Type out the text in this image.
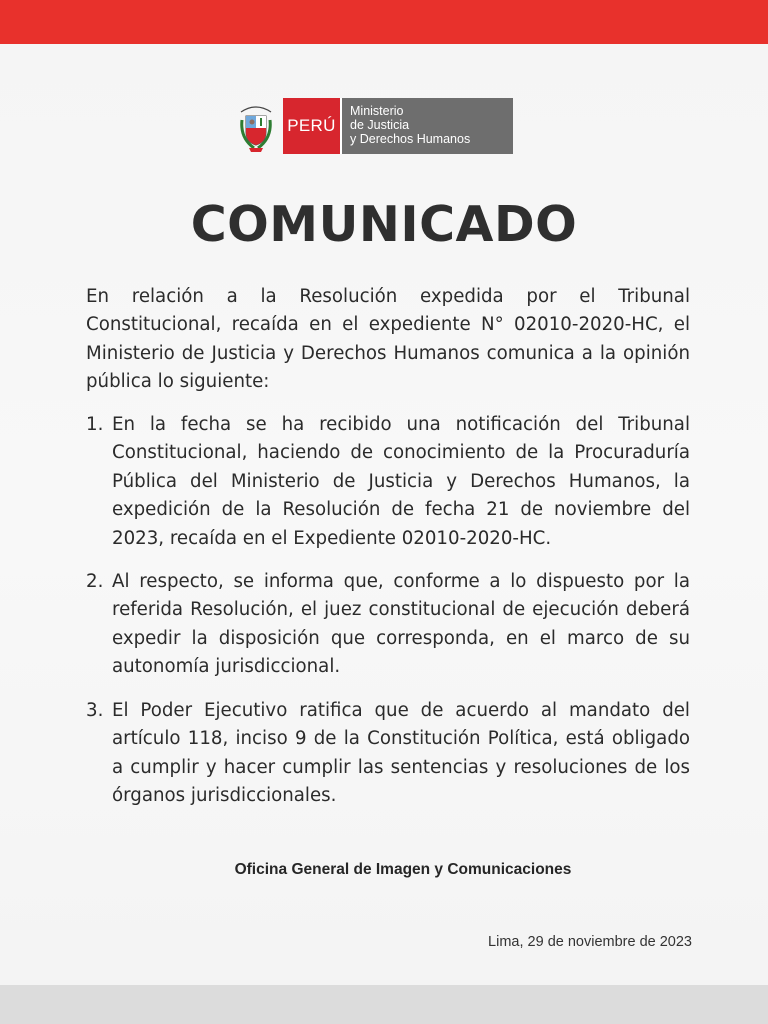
PERÚ
Ministerio
de Justicia
y Derechos Humanos
COMUNICADO

En relación a la Resolución expedida por el Tribunal Constitucional, recaída en el expediente N° 02010-2020-HC, el Ministerio de Justicia y Derechos Humanos comunica a la opinión pública lo siguiente:

1. En la fecha se ha recibido una notificación del Tribunal Constitucional, haciendo de conocimiento de la Procuraduría Pública del Ministerio de Justicia y Derechos Humanos, la expedición de la Resolución de fecha 21 de noviembre del 2023, recaída en el Expediente 02010-2020-HC.
2. Al respecto, se informa que, conforme a lo dispuesto por la referida Resolución, el juez constitucional de ejecución deberá expedir la disposición que corresponda, en el marco de su autonomía jurisdiccional.
3. El Poder Ejecutivo ratifica que de acuerdo al mandato del artículo 118, inciso 9 de la Constitución Política, está obligado a cumplir y hacer cumplir las sentencias y resoluciones de los órganos jurisdiccionales.
Oficina General de Imagen y Comunicaciones
Lima, 29 de noviembre de 2023
